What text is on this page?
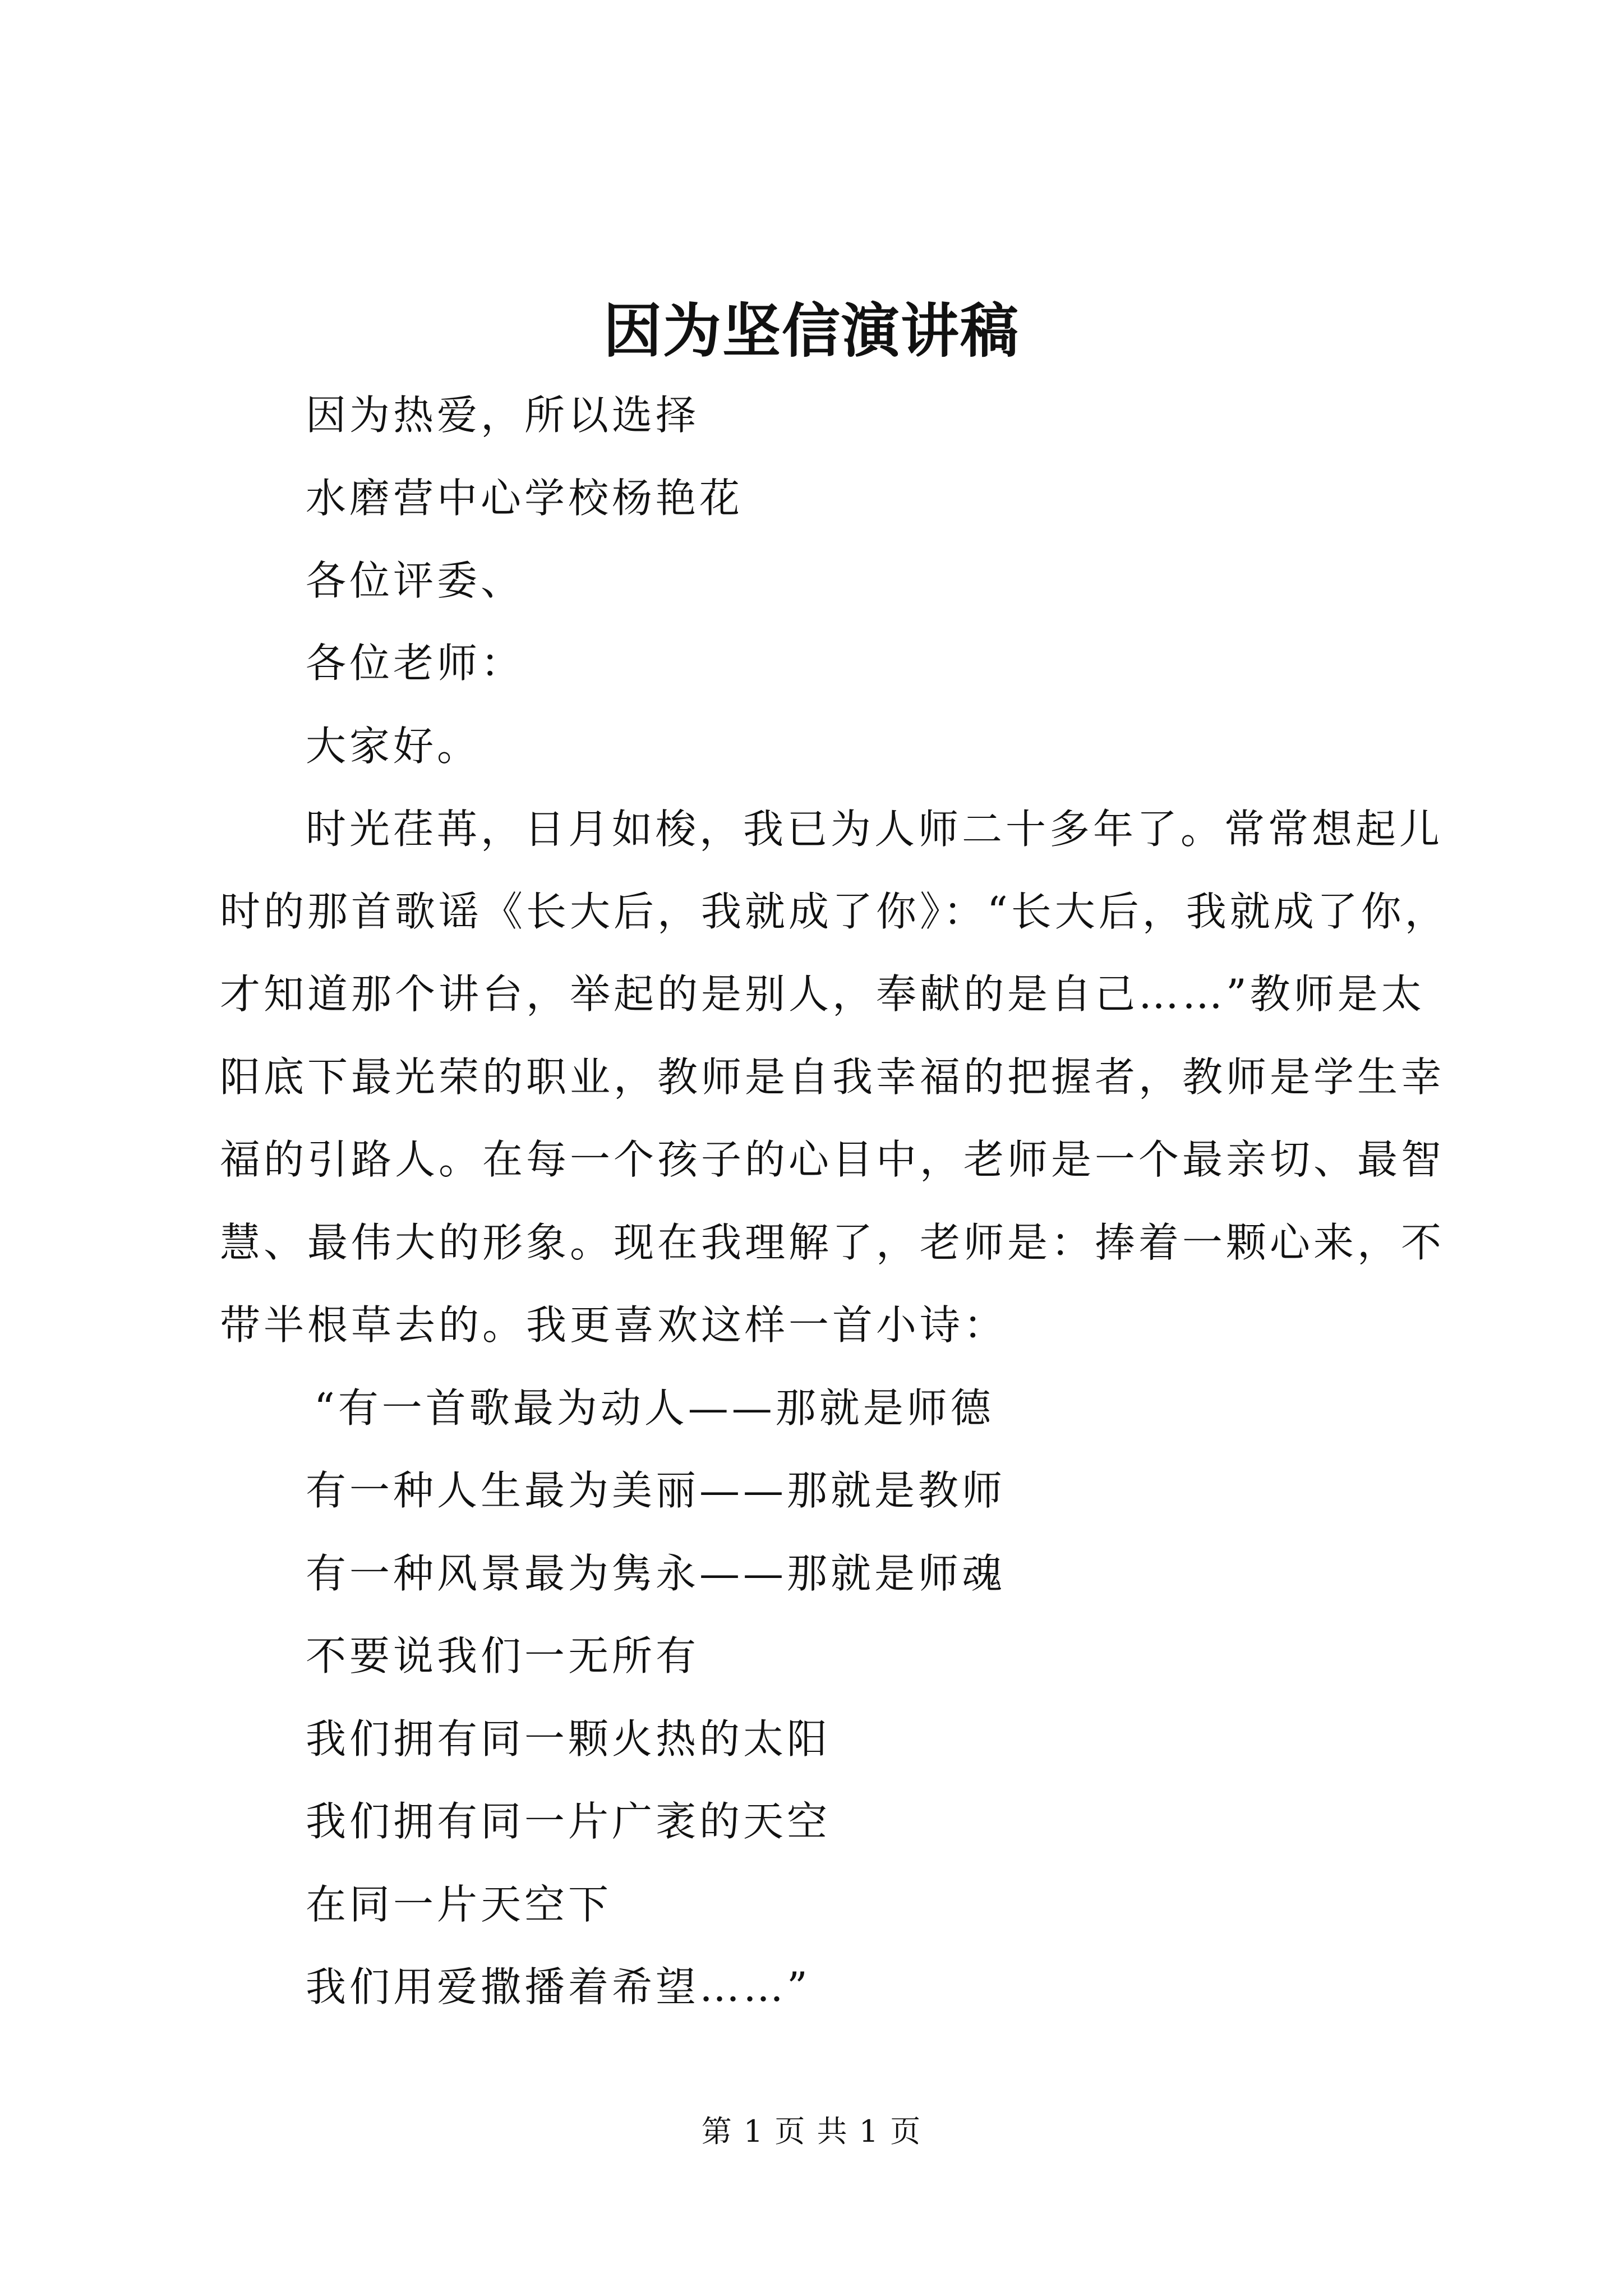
因为坚信演讲稿
因为热爱，所以选择
水磨营中心学校杨艳花
各位评委、
各位老师：
大家好。
时光荏苒，日月如梭，我已为人师二十多年了。常常想起儿
时的那首歌谣《长大后，我就成了你》：“长大后，我就成了你，
才知道那个讲台，举起的是别人，奉献的是自己……”教师是太
阳底下最光荣的职业，教师是自我幸福的把握者，教师是学生幸
福的引路人。在每一个孩子的心目中，老师是一个最亲切、最智
慧、最伟大的形象。现在我理解了，老师是：捧着一颗心来，不
带半根草去的。我更喜欢这样一首小诗：
“有一首歌最为动人——那就是师德
有一种人生最为美丽——那就是教师
有一种风景最为隽永——那就是师魂
不要说我们一无所有
我们拥有同一颗火热的太阳
我们拥有同一片广袤的天空
在同一片天空下
我们用爱撒播着希望……”
第 1 页 共 1 页
